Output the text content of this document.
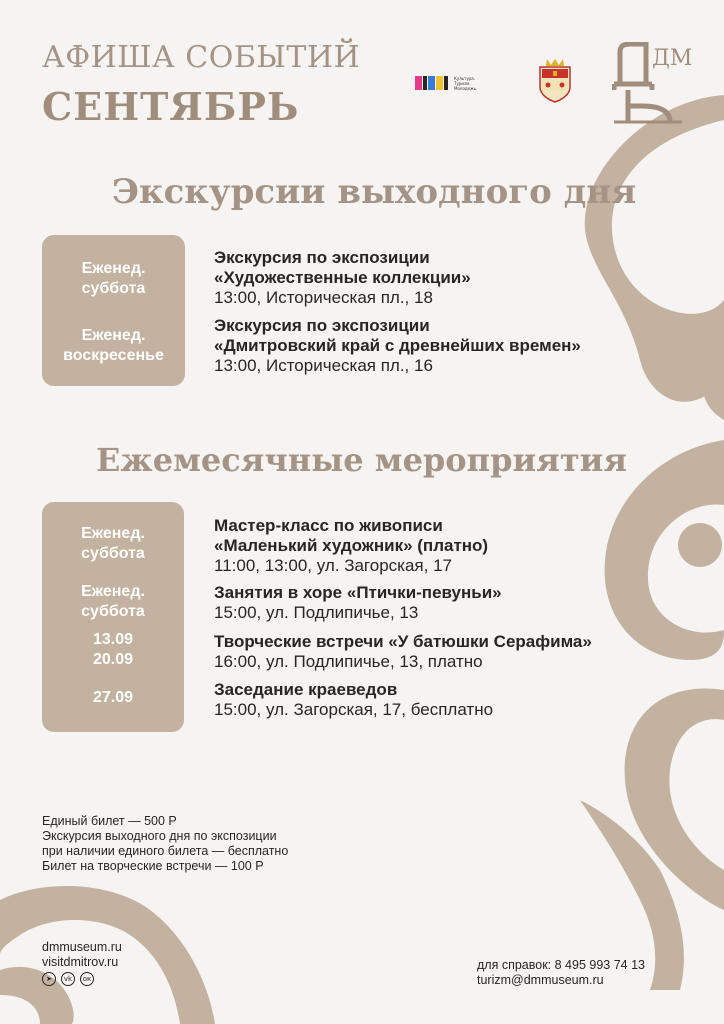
АФИША СОБЫТИЙ
СЕНТЯБРЬ
Культура.
Туризм.
Молодежь.
ДМ
Экскурсии выходного дня
Еженед.
суббота
Еженед.
воскресенье
Экскурсия по экспозиции
«Художественные коллекции»
13:00, Историческая пл., 18
Экскурсия по экспозиции
«Дмитровский край с древнейших времен»
13:00, Историческая пл., 16
Ежемесячные мероприятия
Еженед.
суббота
Еженед.
суббота
13.09
20.09
27.09
Мастер-класс по живописи
«Маленький художник» (платно)
11:00, 13:00, ул. Загорская, 17
Занятия в хоре «Птички-певуньи»
15:00, ул. Подлипичье, 13
Творческие встречи «У батюшки Серафима»
16:00, ул. Подлипичье, 13, платно
Заседание краеведов
15:00, ул. Загорская, 17, бесплатно
Единый билет — 500 Р
Экскурсия выходного дня по экспозиции
при наличии единого билета — бесплатно
Билет на творческие встречи — 100 Р
dmmuseum.ru
visitdmitrov.ru
➤	vk	ок
для справок: 8 495 993 74 13
turizm@dmmuseum.ru
